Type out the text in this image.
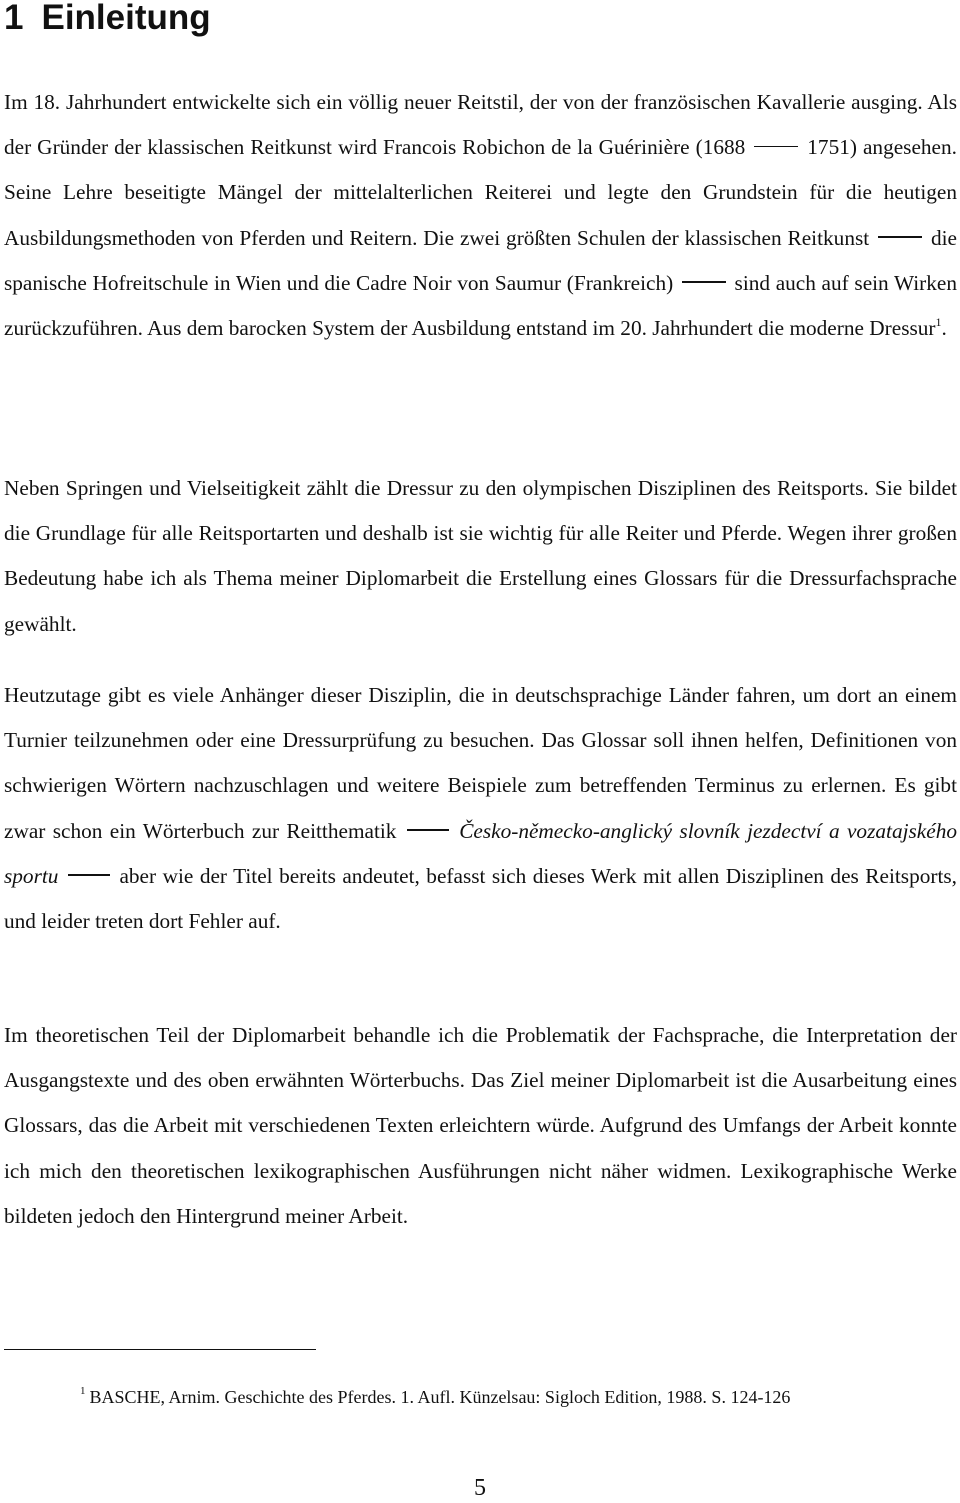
1 Einleitung

Im 18. Jahrhundert entwickelte sich ein völlig neuer Reitstil, der von der französischen Kavallerie ausging. Als der Gründer der klassischen Reitkunst wird Francois Robichon de la Guérinière (1688  1751) angesehen. Seine Lehre beseitigte Mängel der mittelalterlichen Reiterei und legte den Grundstein für die heutigen Ausbildungsmethoden von Pferden und Reitern. Die zwei größten Schulen der klassischen Reitkunst  die spanische Hofreitschule in Wien und die Cadre Noir von Saumur (Frankreich)  sind auch auf sein Wirken zurückzuführen. Aus dem barocken System der Ausbildung entstand im 20. Jahrhundert die moderne Dressur$^1$.

Neben Springen und Vielseitigkeit zählt die Dressur zu den olympischen Disziplinen des Reitsports. Sie bildet die Grundlage für alle Reitsportarten und deshalb ist sie wichtig für alle Reiter und Pferde. Wegen ihrer großen Bedeutung habe ich als Thema meiner Diplomarbeit die Erstellung eines Glossars für die Dressurfachsprache gewählt.

Heutzutage gibt es viele Anhänger dieser Disziplin, die in deutschsprachige Länder fahren, um dort an einem Turnier teilzunehmen oder eine Dressurprüfung zu besuchen. Das Glossar soll ihnen helfen, Definitionen von schwierigen Wörtern nachzuschlagen und weitere Beispiele zum betreffenden Terminus zu erlernen. Es gibt zwar schon ein Wörterbuch zur Reitthematik	Česko-německo-anglický slovník jezdectví a vozatajského sportu	aber wie der Titel bereits andeutet, befasst sich dieses Werk mit allen Disziplinen des Reitsports, und leider treten dort Fehler auf.

Im theoretischen Teil der Diplomarbeit behandle ich die Problematik der Fachsprache, die Interpretation der Ausgangstexte und des oben erwähnten Wörterbuchs. Das Ziel meiner Diplomarbeit ist die Ausarbeitung eines Glossars, das die Arbeit mit verschiedenen Texten erleichtern würde. Aufgrund des Umfangs der Arbeit konnte ich mich den theoretischen lexikographischen Ausführungen nicht näher widmen. Lexikographische Werke bildeten jedoch den Hintergrund meiner Arbeit.

$^1$ BASCHE, Arnim. Geschichte des Pferdes. 1. Aufl. Künzelsau: Sigloch Edition, 1988. S. 124-126

5
